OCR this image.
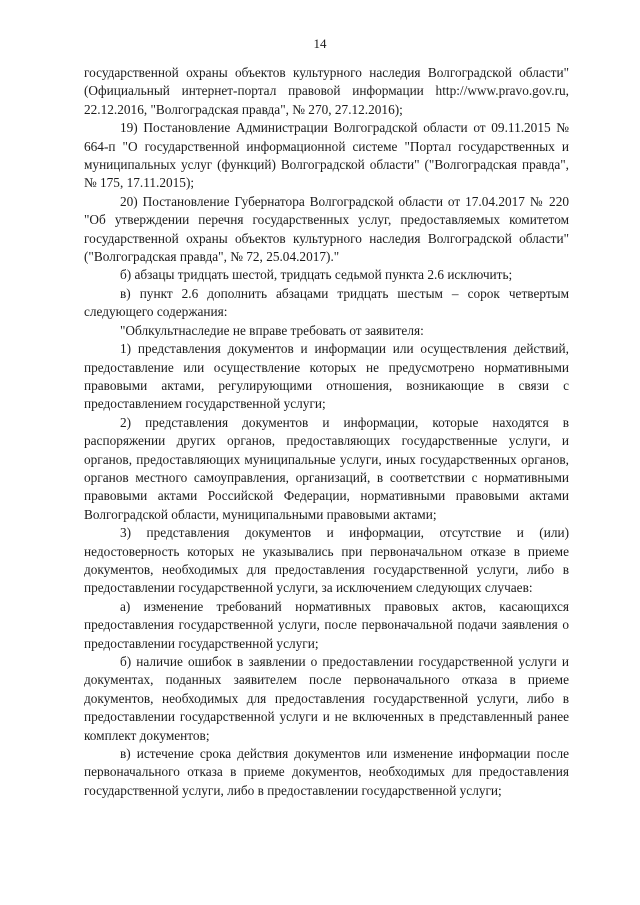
14

государственной охраны объектов культурного наследия Волгоградской области" (Официальный интернет-портал правовой информации http://www.pravo.gov.ru, 22.12.2016, "Волгоградская правда", № 270, 27.12.2016);

19) Постановление Администрации Волгоградской области от 09.11.2015 № 664-п "О государственной информационной системе "Портал государственных и муниципальных услуг (функций) Волгоградской области" ("Волгоградская правда", № 175, 17.11.2015);

20) Постановление Губернатора Волгоградской области от 17.04.2017 № 220 "Об утверждении перечня государственных услуг, предоставляемых комитетом государственной охраны объектов культурного наследия Волгоградской области" ("Волгоградская правда", № 72, 25.04.2017)."

б) абзацы тридцать шестой, тридцать седьмой пункта 2.6 исключить;

в) пункт 2.6 дополнить абзацами тридцать шестым – сорок четвертым следующего содержания:

"Облкультнаследие не вправе требовать от заявителя:

1) представления документов и информации или осуществления действий, предоставление или осуществление которых не предусмотрено нормативными правовыми актами, регулирующими отношения, возникающие в связи с предоставлением государственной услуги;

2) представления документов и информации, которые находятся в распоряжении других органов, предоставляющих государственные услуги, и органов, предоставляющих муниципальные услуги, иных государственных органов, органов местного самоуправления, организаций, в соответствии с нормативными правовыми актами Российской Федерации, нормативными правовыми актами Волгоградской области, муниципальными правовыми актами;

3) представления документов и информации, отсутствие и (или) недостоверность которых не указывались при первоначальном отказе в приеме документов, необходимых для предоставления государственной услуги, либо в предоставлении государственной услуги, за исключением следующих случаев:

а) изменение требований нормативных правовых актов, касающихся предоставления государственной услуги, после первоначальной подачи заявления о предоставлении государственной услуги;

б) наличие ошибок в заявлении о предоставлении государственной услуги и документах, поданных заявителем после первоначального отказа в приеме документов, необходимых для предоставления государственной услуги, либо в предоставлении государственной услуги и не включенных в представленный ранее комплект документов;

в) истечение срока действия документов или изменение информации после первоначального отказа в приеме документов, необходимых для предоставления государственной услуги, либо в предоставлении государственной услуги;
